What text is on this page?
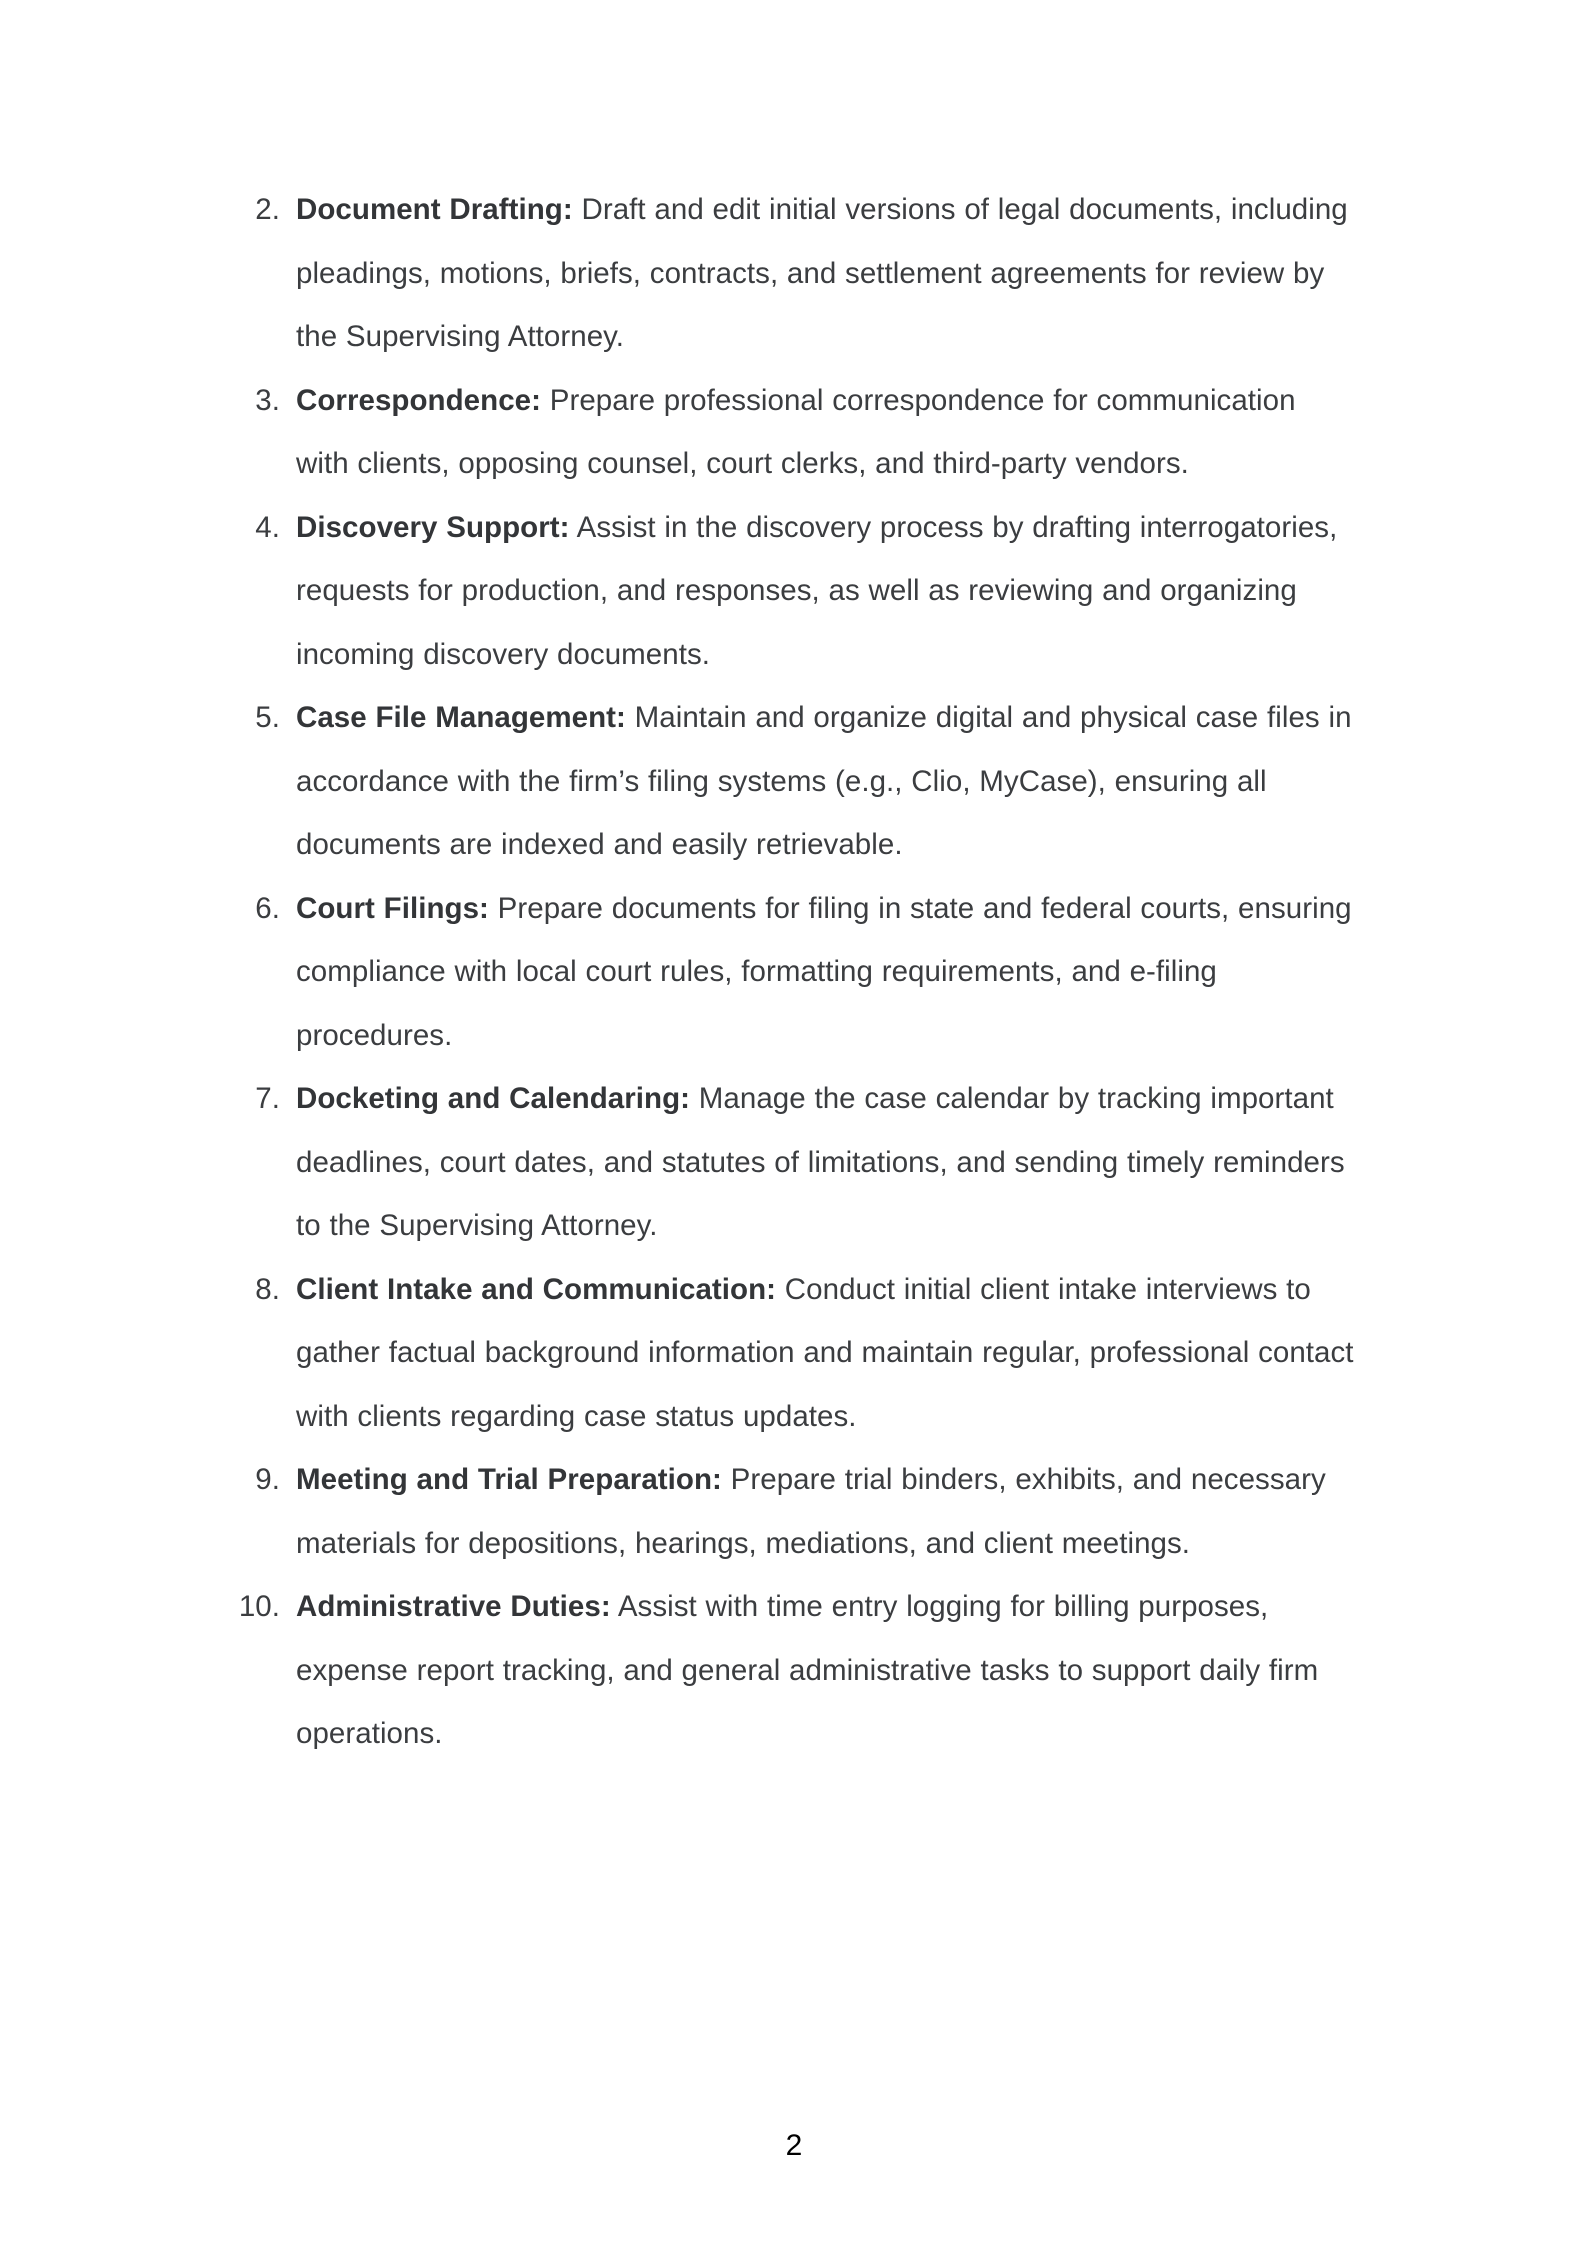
2. Document Drafting: Draft and edit initial versions of legal documents, including pleadings, motions, briefs, contracts, and settlement agreements for review by the Supervising Attorney.
3. Correspondence: Prepare professional correspondence for communication with clients, opposing counsel, court clerks, and third-party vendors.
4. Discovery Support: Assist in the discovery process by drafting interrogatories, requests for production, and responses, as well as reviewing and organizing incoming discovery documents.
5. Case File Management: Maintain and organize digital and physical case files in accordance with the firm’s filing systems (e.g., Clio, MyCase), ensuring all documents are indexed and easily retrievable.
6. Court Filings: Prepare documents for filing in state and federal courts, ensuring compliance with local court rules, formatting requirements, and e-filing procedures.
7. Docketing and Calendaring: Manage the case calendar by tracking important deadlines, court dates, and statutes of limitations, and sending timely reminders to the Supervising Attorney.
8. Client Intake and Communication: Conduct initial client intake interviews to gather factual background information and maintain regular, professional contact with clients regarding case status updates.
9. Meeting and Trial Preparation: Prepare trial binders, exhibits, and necessary materials for depositions, hearings, mediations, and client meetings.
10. Administrative Duties: Assist with time entry logging for billing purposes, expense report tracking, and general administrative tasks to support daily firm operations.
2
